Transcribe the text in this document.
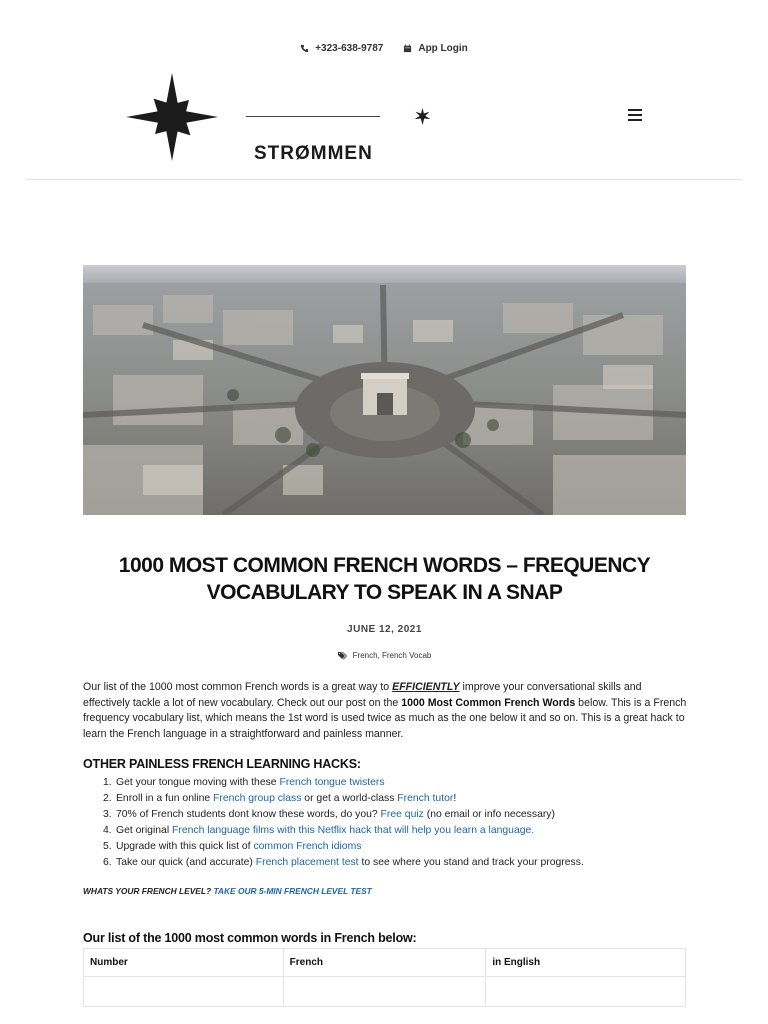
+323-638-9787	App Login
STRØMMEN
1000 MOST COMMON FRENCH WORDS – FREQUENCY VOCABULARY TO SPEAK IN A SNAP
JUNE 12, 2021
French, French Vocab

Our list of the 1000 most common French words is a great way to EFFICIENTLY improve your conversational skills and effectively tackle a lot of new vocabulary. Check out our post on the 1000 Most Common French Words below. This is a French frequency vocabulary list, which means the 1st word is used twice as much as the one below it and so on. This is a great hack to learn the French language in a straightforward and painless manner.

OTHER PAINLESS FRENCH LEARNING HACKS:
1. Get your tongue moving with these French tongue twisters
2. Enroll in a fun online French group class or get a world-class French tutor!
3. 70% of French students dont know these words, do you? Free quiz (no email or info necessary)
4. Get original French language films with this Netflix hack that will help you learn a language.
5. Upgrade with this quick list of common French idioms
6. Take our quick (and accurate) French placement test to see where you stand and track your progress.
WHATS YOUR FRENCH LEVEL? TAKE OUR 5-MIN FRENCH LEVEL TEST
Our list of the 1000 most common words in French below:
Number	French	in English
